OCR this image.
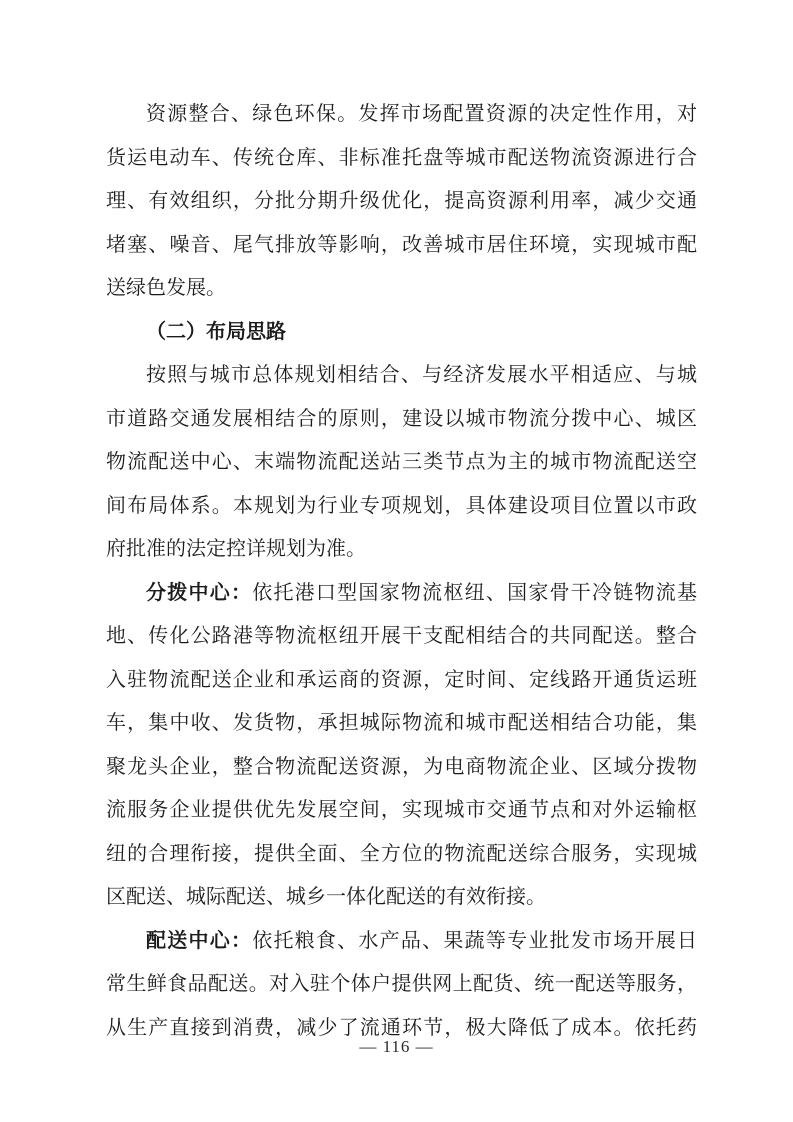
资源整合、绿色环保。发挥市场配置资源的决定性作用，对
货运电动车、传统仓库、非标准托盘等城市配送物流资源进行合
理、有效组织，分批分期升级优化，提高资源利用率，减少交通
堵塞、噪音、尾气排放等影响，改善城市居住环境，实现城市配
送绿色发展。
（二）布局思路
按照与城市总体规划相结合、与经济发展水平相适应、与城
市道路交通发展相结合的原则，建设以城市物流分拨中心、城区
物流配送中心、末端物流配送站三类节点为主的城市物流配送空
间布局体系。本规划为行业专项规划，具体建设项目位置以市政
府批准的法定控详规划为准。
分拨中心：依托港口型国家物流枢纽、国家骨干冷链物流基
地、传化公路港等物流枢纽开展干支配相结合的共同配送。整合
入驻物流配送企业和承运商的资源，定时间、定线路开通货运班
车，集中收、发货物，承担城际物流和城市配送相结合功能，集
聚龙头企业，整合物流配送资源，为电商物流企业、区域分拨物
流服务企业提供优先发展空间，实现城市交通节点和对外运输枢
纽的合理衔接，提供全面、全方位的物流配送综合服务，实现城
区配送、城际配送、城乡一体化配送的有效衔接。
配送中心：依托粮食、水产品、果蔬等专业批发市场开展日
常生鲜食品配送。对入驻个体户提供网上配货、统一配送等服务，
从生产直接到消费，减少了流通环节，极大降低了成本。依托药
— 116 —
